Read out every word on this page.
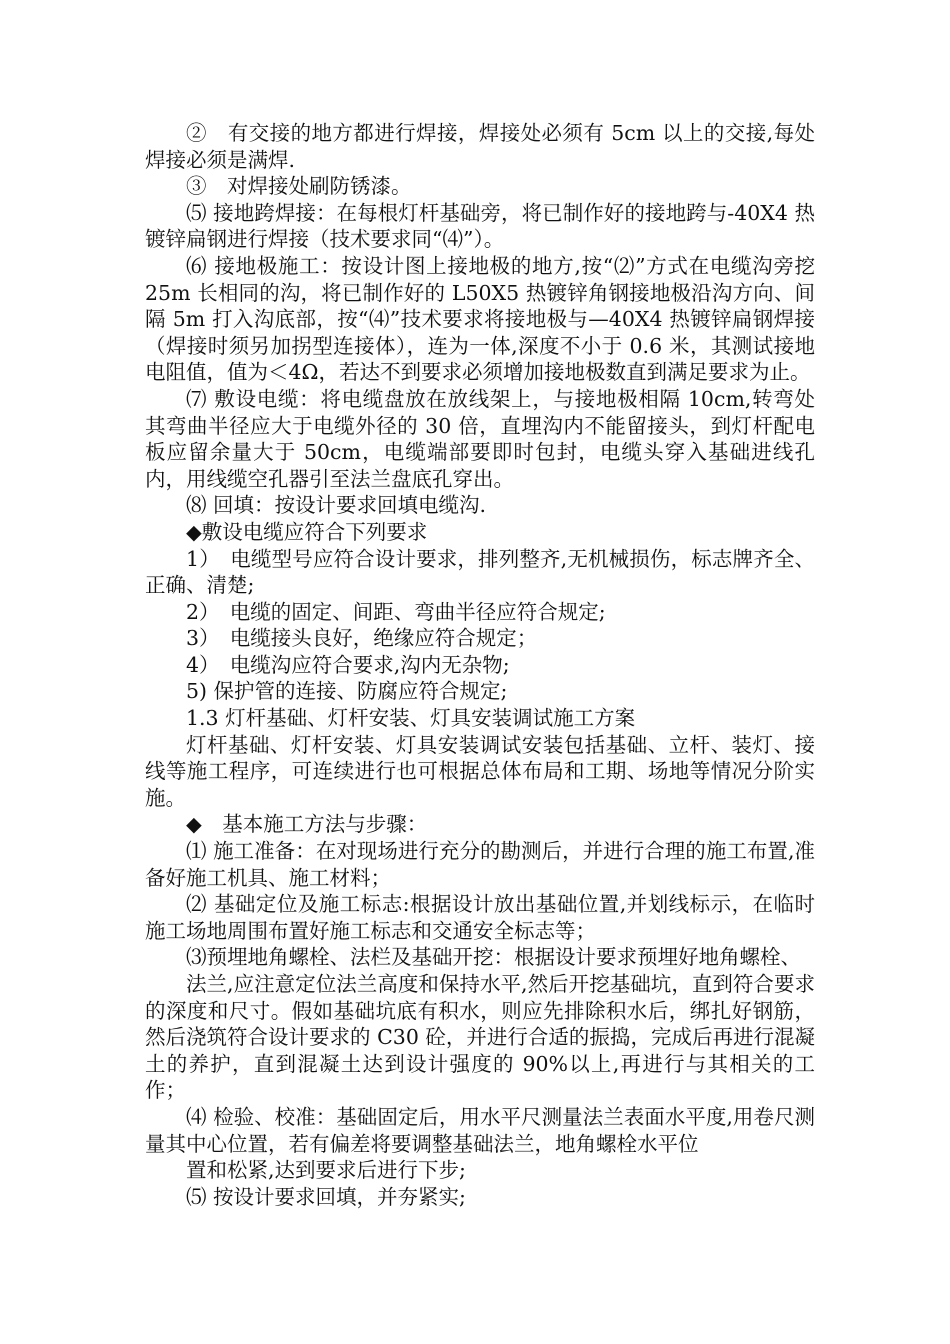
②　有交接的地方都进行焊接，焊接处必须有 5cm 以上的交接,每处焊接必须是满焊.

③　对焊接处刷防锈漆。

⑸ 接地跨焊接：在每根灯杆基础旁，将已制作好的接地跨与-40X4 热镀锌扁钢进行焊接（技术要求同“⑷”）。

⑹ 接地极施工：按设计图上接地极的地方,按“⑵”方式在电缆沟旁挖 25m 长相同的沟，将已制作好的 L50X5 热镀锌角钢接地极沿沟方向、间隔 5m 打入沟底部，按“⑷”技术要求将接地极与—40X4 热镀锌扁钢焊接（焊接时须另加拐型连接体），连为一体,深度不小于 0.6 米，其测试接地电阻值，值为＜4Ω，若达不到要求必须增加接地极数直到满足要求为止。

⑺ 敷设电缆：将电缆盘放在放线架上，与接地极相隔 10cm,转弯处其弯曲半径应大于电缆外径的 30 倍，直埋沟内不能留接头，到灯杆配电板应留余量大于 50cm，电缆端部要即时包封，电缆头穿入基础进线孔内，用线缆空孔器引至法兰盘底孔穿出。

⑻ 回填：按设计要求回填电缆沟.

◆敷设电缆应符合下列要求

1）　电缆型号应符合设计要求，排列整齐,无机械损伤，标志牌齐全、正确、清楚;

2）　电缆的固定、间距、弯曲半径应符合规定;

3）　电缆接头良好，绝缘应符合规定；

4）　电缆沟应符合要求,沟内无杂物;

5) 保护管的连接、防腐应符合规定;

1.3 灯杆基础、灯杆安装、灯具安装调试施工方案

灯杆基础、灯杆安装、灯具安装调试安装包括基础、立杆、装灯、接线等施工程序，可连续进行也可根据总体布局和工期、场地等情况分阶实施。

◆　基本施工方法与步骤：

⑴ 施工准备：在对现场进行充分的勘测后，并进行合理的施工布置,准备好施工机具、施工材料；

⑵ 基础定位及施工标志:根据设计放出基础位置,并划线标示，在临时施工场地周围布置好施工标志和交通安全标志等；

⑶预埋地角螺栓、法栏及基础开挖：根据设计要求预埋好地角螺栓、

法兰,应注意定位法兰高度和保持水平,然后开挖基础坑，直到符合要求的深度和尺寸。假如基础坑底有积水，则应先排除积水后，绑扎好钢筋，然后浇筑符合设计要求的 C30 砼，并进行合适的振捣，完成后再进行混凝土的养护，直到混凝土达到设计强度的 90%以上,再进行与其相关的工作；

⑷ 检验、校准：基础固定后，用水平尺测量法兰表面水平度,用卷尺测量其中心位置，若有偏差将要调整基础法兰，地角螺栓水平位

置和松紧,达到要求后进行下步;

⑸ 按设计要求回填，并夯紧实;
